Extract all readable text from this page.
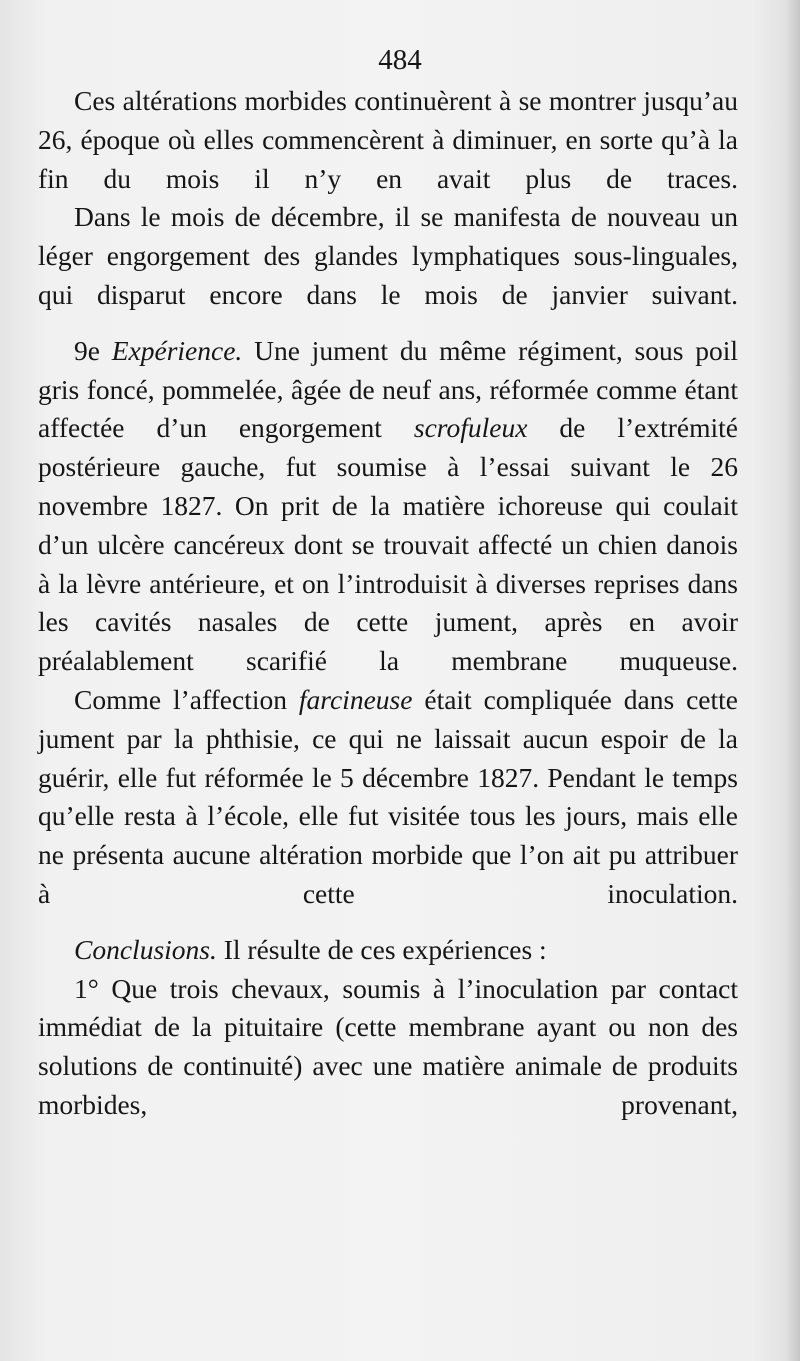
484

Ces altérations morbides continuèrent à se montrer jusqu’au 26, époque où elles commencèrent à diminuer, en sorte qu’à la fin du mois il n’y en avait plus de traces.

Dans le mois de décembre, il se manifesta de nouveau un léger engorgement des glandes lymphatiques sous-linguales, qui disparut encore dans le mois de janvier suivant.

9e Expérience. Une jument du même régiment, sous poil gris foncé, pommelée, âgée de neuf ans, réformée comme étant affectée d’un engorgement scrofuleux de l’extrémité postérieure gauche, fut soumise à l’essai suivant le 26 novembre 1827. On prit de la matière ichoreuse qui coulait d’un ulcère cancéreux dont se trouvait affecté un chien danois à la lèvre antérieure, et on l’introduisit à diverses reprises dans les cavités nasales de cette jument, après en avoir préalablement scarifié la membrane muqueuse.

Comme l’affection farcineuse était compliquée dans cette jument par la phthisie, ce qui ne laissait aucun espoir de la guérir, elle fut réformée le 5 décembre 1827. Pendant le temps qu’elle resta à l’école, elle fut visitée tous les jours, mais elle ne présenta aucune altération morbide que l’on ait pu attribuer à cette inoculation.

Conclusions. Il résulte de ces expériences :

1° Que trois chevaux, soumis à l’inoculation par contact immédiat de la pituitaire (cette membrane ayant ou non des solutions de continuité) avec une matière animale de produits morbides, provenant,
